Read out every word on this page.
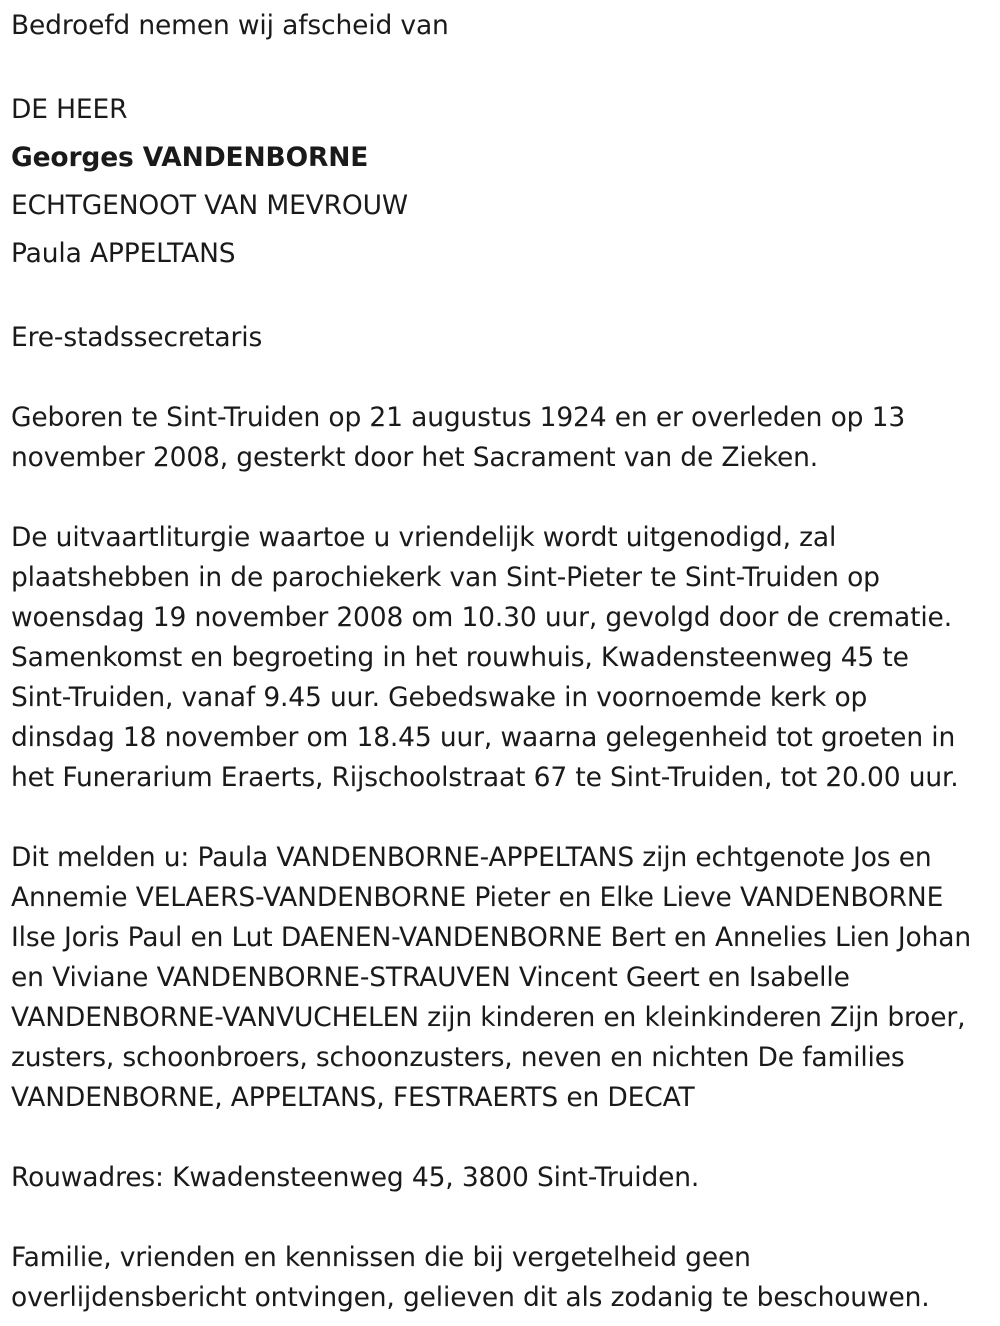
Bedroefd nemen wij afscheid van
DE HEER
Georges VANDENBORNE
ECHTGENOOT VAN MEVROUW
Paula APPELTANS
Ere-stadssecretaris
Geboren te Sint-Truiden op 21 augustus 1924 en er overleden op 13
november 2008, gesterkt door het Sacrament van de Zieken.
De uitvaartliturgie waartoe u vriendelijk wordt uitgenodigd, zal
plaatshebben in de parochiekerk van Sint-Pieter te Sint-Truiden op
woensdag 19 november 2008 om 10.30 uur, gevolgd door de crematie.
Samenkomst en begroeting in het rouwhuis, Kwadensteenweg 45 te
Sint-Truiden, vanaf 9.45 uur. Gebedswake in voornoemde kerk op
dinsdag 18 november om 18.45 uur, waarna gelegenheid tot groeten in
het Funerarium Eraerts, Rijschoolstraat 67 te Sint-Truiden, tot 20.00 uur.
Dit melden u: Paula VANDENBORNE-APPELTANS zijn echtgenote Jos en
Annemie VELAERS-VANDENBORNE Pieter en Elke Lieve VANDENBORNE
Ilse Joris Paul en Lut DAENEN-VANDENBORNE Bert en Annelies Lien Johan
en Viviane VANDENBORNE-STRAUVEN Vincent Geert en Isabelle
VANDENBORNE-VANVUCHELEN zijn kinderen en kleinkinderen Zijn broer,
zusters, schoonbroers, schoonzusters, neven en nichten De families
VANDENBORNE, APPELTANS, FESTRAERTS en DECAT
Rouwadres: Kwadensteenweg 45, 3800 Sint-Truiden.
Familie, vrienden en kennissen die bij vergetelheid geen
overlijdensbericht ontvingen, gelieven dit als zodanig te beschouwen.
